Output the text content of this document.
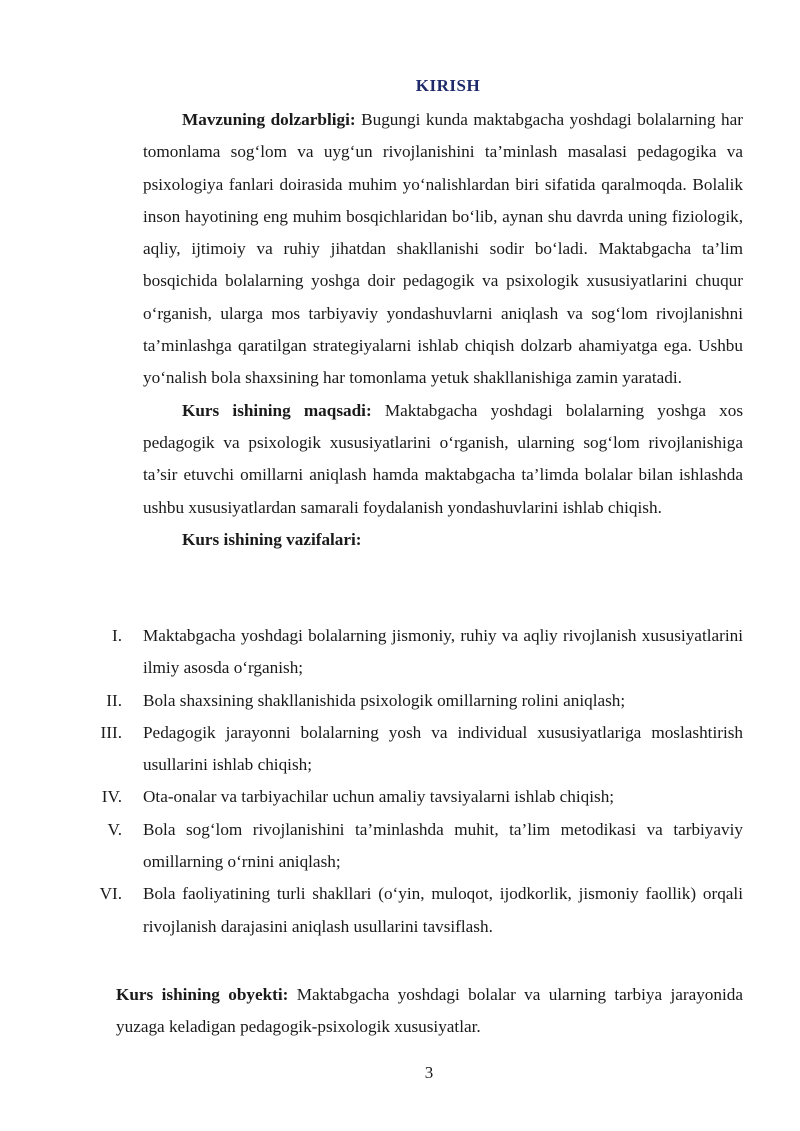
KIRISH

Mavzuning dolzarbligi: Bugungi kunda maktabgacha yoshdagi bolalarning har tomonlama sog‘lom va uyg‘un rivojlanishini ta’minlash masalasi pedagogika va psixologiya fanlari doirasida muhim yo‘nalishlardan biri sifatida qaralmoqda. Bolalik inson hayotining eng muhim bosqichlaridan bo‘lib, aynan shu davrda uning fiziologik, aqliy, ijtimoiy va ruhiy jihatdan shakllanishi sodir bo‘ladi. Maktabgacha ta’lim bosqichida bolalarning yoshga doir pedagogik va psixologik xususiyatlarini chuqur o‘rganish, ularga mos tarbiyaviy yondashuvlarni aniqlash va sog‘lom rivojlanishni ta’minlashga qaratilgan strategiyalarni ishlab chiqish dolzarb ahamiyatga ega. Ushbu yo‘nalish bola shaxsining har tomonlama yetuk shakllanishiga zamin yaratadi.

Kurs ishining maqsadi: Maktabgacha yoshdagi bolalarning yoshga xos pedagogik va psixologik xususiyatlarini o‘rganish, ularning sog‘lom rivojlanishiga ta’sir etuvchi omillarni aniqlash hamda maktabgacha ta’limda bolalar bilan ishlashda ushbu xususiyatlardan samarali foydalanish yondashuvlarini ishlab chiqish.

Kurs ishining vazifalari:

I. Maktabgacha yoshdagi bolalarning jismoniy, ruhiy va aqliy rivojlanish xususiyatlarini ilmiy asosda o‘rganish;
II. Bola shaxsining shakllanishida psixologik omillarning rolini aniqlash;
III. Pedagogik jarayonni bolalarning yosh va individual xususiyatlariga moslashtirish usullarini ishlab chiqish;
IV. Ota-onalar va tarbiyachilar uchun amaliy tavsiyalarni ishlab chiqish;
V. Bola sog‘lom rivojlanishini ta’minlashda muhit, ta’lim metodikasi va tarbiyaviy omillarning o‘rnini aniqlash;
VI. Bola faoliyatining turli shakllari (o‘yin, muloqot, ijodkorlik, jismoniy faollik) orqali rivojlanish darajasini aniqlash usullarini tavsiflash.
Kurs ishining obyekti: Maktabgacha yoshdagi bolalar va ularning tarbiya jarayonida yuzaga keladigan pedagogik-psixologik xususiyatlar.
3
